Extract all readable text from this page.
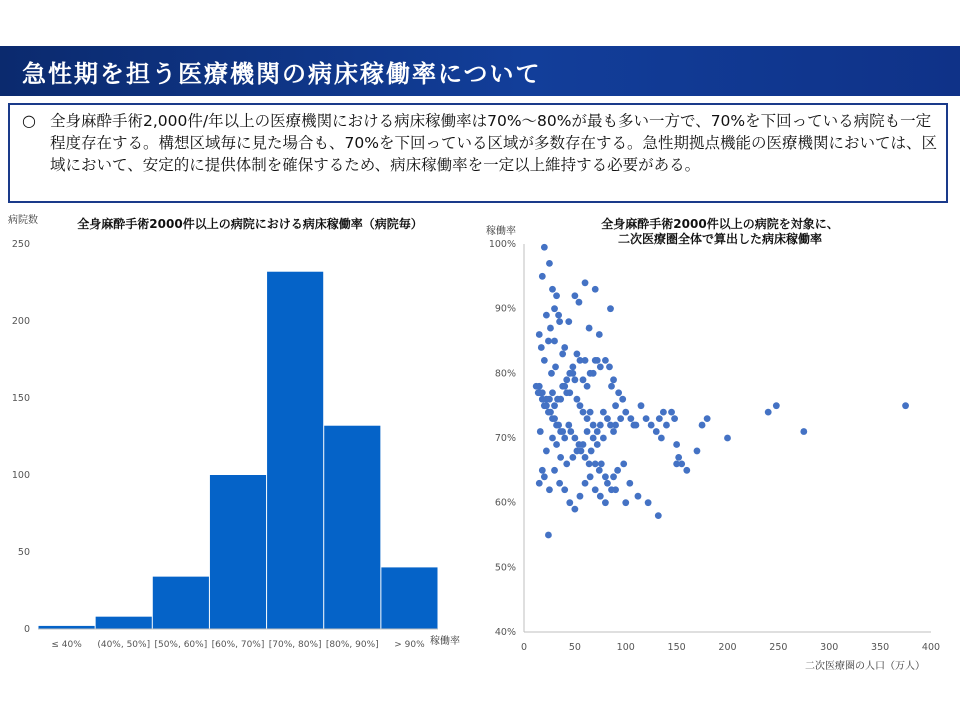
急性期を担う医療機関の病床稼働率について
○ 全身麻酔手術2,000件/年以上の医療機関における病床稼働率は70%～80%が最も多い一方で、70%を下回っている病院も一定程度存在する。構想区域毎に見た場合も、70%を下回っている区域が多数存在する。急性期拠点機能の医療機関においては、区域において、安定的に提供体制を確保するため、病床稼働率を一定以上維持する必要がある。
全身麻酔手術2000件以上の病院における病床稼働率（病院毎）
病院数
0
50
100
150
200
250
≤ 40% (40%, 50%] [50%, 60%] [60%, 70%] [70%, 80%] [80%, 90%] > 90% 稼働率
全身麻酔手術2000件以上の病院を対象に、
二次医療圏全体で算出した病床稼働率
稼働率
40%
50%
60%
70%
80%
90%
100%
0	50	100	150	200	250	300	350	400
二次医療圏の人口（万人）
